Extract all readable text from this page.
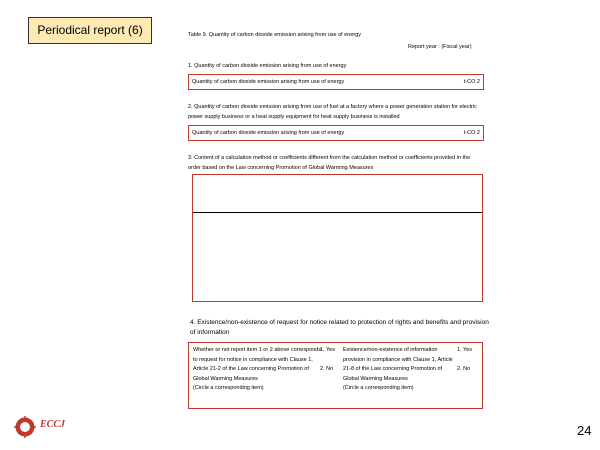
Periodical report (6)	Table 9. Quantity of carbon dioxide emission arising from use of energy
Report year : (Fiscal year)
1. Quantity of carbon dioxide emission arising from use of energy
Quantity of carbon dioxide emission arising from use of energy	t-CO 2
2. Quantity of carbon dioxide emission arising from use of fuel at a factory where a power generation station for electric power supply business or a heat supply equipment for heat supply business is installed
Quantity of carbon dioxide emission arising from use of energy	t-CO 2
3. Content of a calculation method or coefficients different from the calculation method or coefficients provided in the order based on the Law concerning Promotion of Global Warming Measures
4. Existence/non-existence of request for notice related to protection of rights and benefits and provision of information
Whether or not report item 1 or 2 above corresponds to request for notice in compliance with Clause 1, Article 21-2 of the Law concerning Promotion of Global Warming Measures
(Circle a corresponding item)
1. Yes
2. No
Existence/non-existence of information provision in compliance with Clause 1, Article 21-8 of the Law concerning Promotion of Global Warming Measures
(Circle a corresponding item)
1. Yes
2. No
ECCJ	24
